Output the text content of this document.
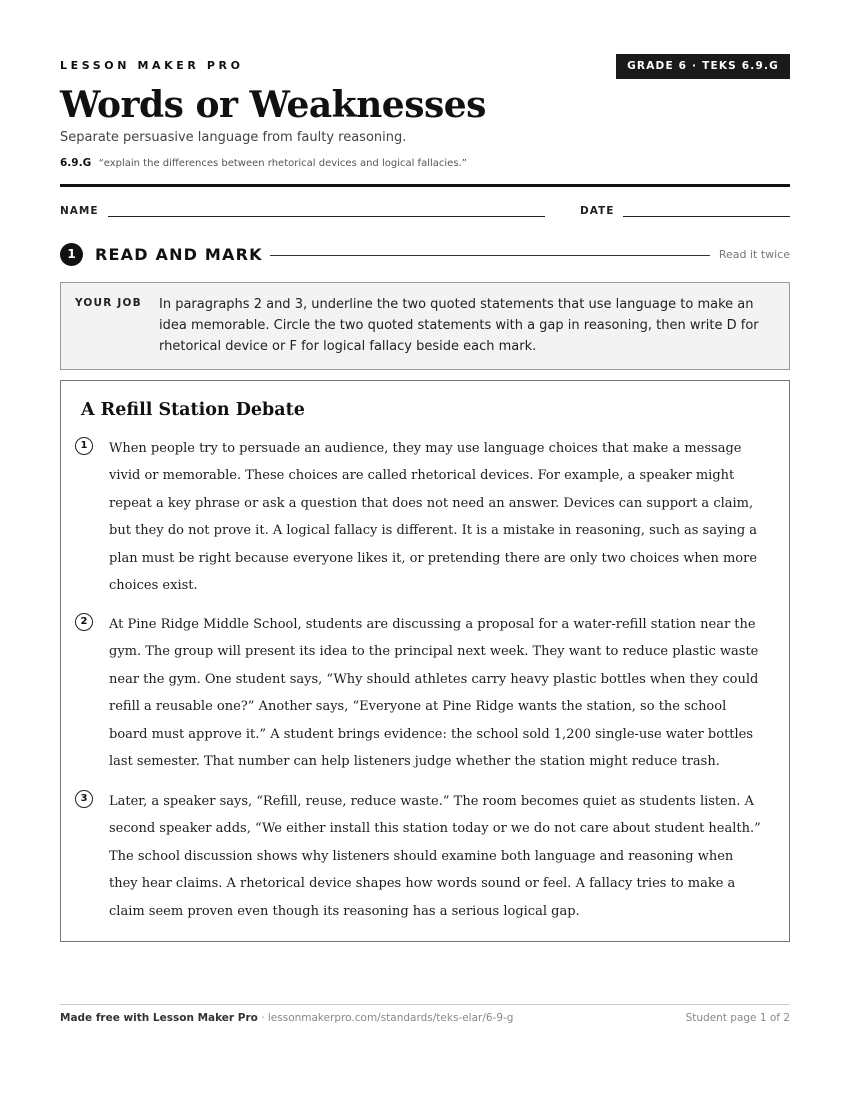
LESSON MAKER PRO	GRADE 6 · TEKS 6.9.G
Words or Weaknesses
Separate persuasive language from faulty reasoning.
6.9.G “explain the differences between rhetorical devices and logical fallacies.”
NAME	DATE
1	READ AND MARK	Read it twice
YOUR JOB In paragraphs 2 and 3, underline the two quoted statements that use language to make an idea memorable. Circle the two quoted statements with a gap in reasoning, then write D for rhetorical device or F for logical fallacy beside each mark.
A Refill Station Debate
1	When people try to persuade an audience, they may use language choices that make a message vivid or memorable. These choices are called rhetorical devices. For example, a speaker might repeat a key phrase or ask a question that does not need an answer. Devices can support a claim, but they do not prove it. A logical fallacy is different. It is a mistake in reasoning, such as saying a plan must be right because everyone likes it, or pretending there are only two choices when more choices exist.

2	At Pine Ridge Middle School, students are discussing a proposal for a water-refill station near the gym. The group will present its idea to the principal next week. They want to reduce plastic waste near the gym. One student says, “Why should athletes carry heavy plastic bottles when they could refill a reusable one?” Another says, “Everyone at Pine Ridge wants the station, so the school board must approve it.” A student brings evidence: the school sold 1,200 single-use water bottles last semester. That number can help listeners judge whether the station might reduce trash.

3	Later, a speaker says, “Refill, reuse, reduce waste.” The room becomes quiet as students listen. A second speaker adds, “We either install this station today or we do not care about student health.” The school discussion shows why listeners should examine both language and reasoning when they hear claims. A rhetorical device shapes how words sound or feel. A fallacy tries to make a claim seem proven even though its reasoning has a serious logical gap.

Made free with Lesson Maker Pro · lessonmakerpro.com/standards/teks-elar/6-9-g	Student page 1 of 2
